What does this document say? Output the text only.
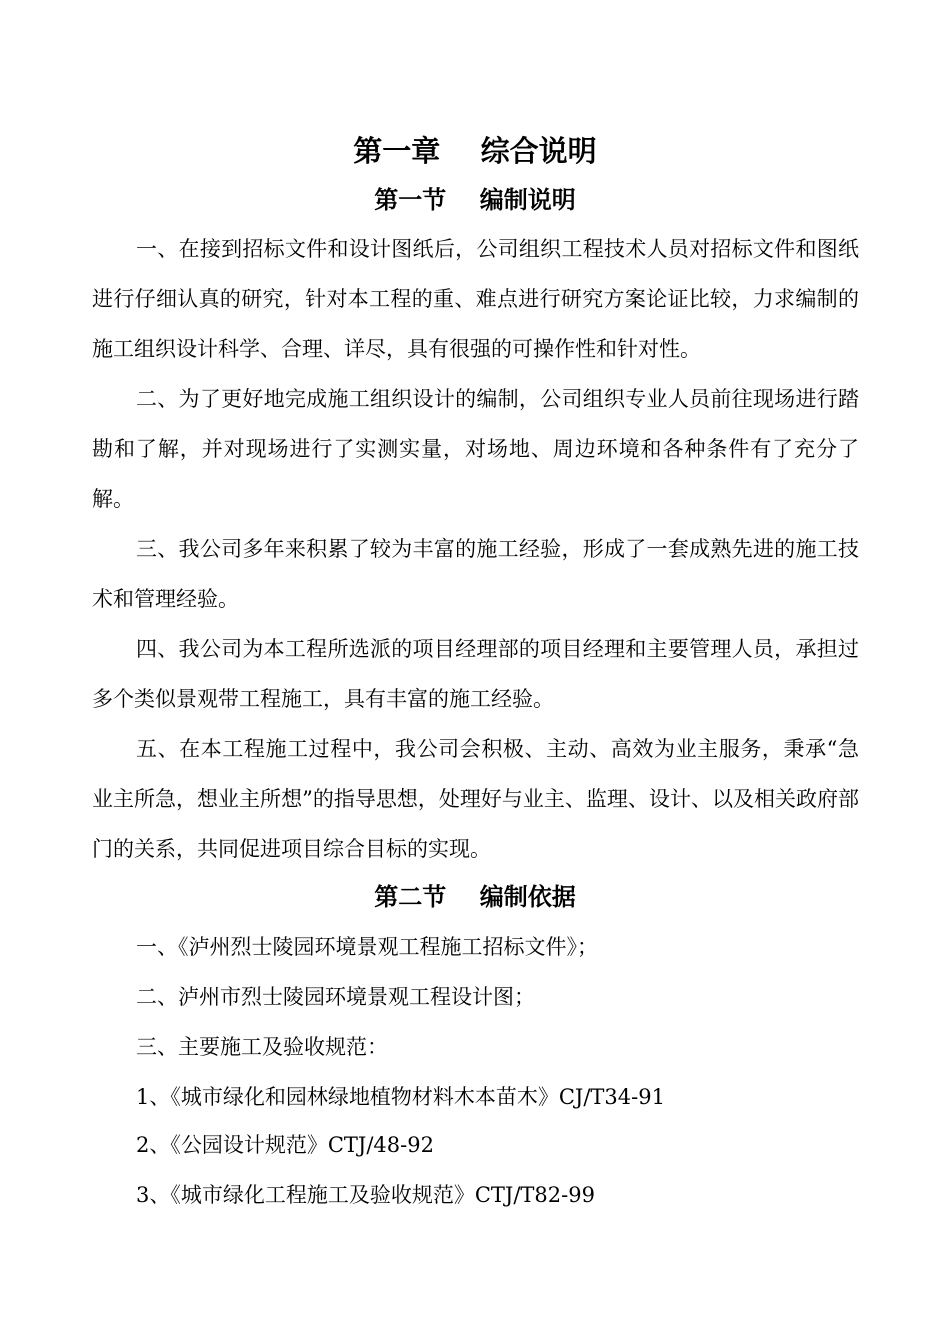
第一章    综合说明
第一节    编制说明

一、在接到招标文件和设计图纸后，公司组织工程技术人员对招标文件和图纸进行仔细认真的研究，针对本工程的重、难点进行研究方案论证比较，力求编制的施工组织设计科学、合理、详尽，具有很强的可操作性和针对性。

二、为了更好地完成施工组织设计的编制，公司组织专业人员前往现场进行踏勘和了解，并对现场进行了实测实量，对场地、周边环境和各种条件有了充分了解。

三、我公司多年来积累了较为丰富的施工经验，形成了一套成熟先进的施工技术和管理经验。

四、我公司为本工程所选派的项目经理部的项目经理和主要管理人员，承担过多个类似景观带工程施工，具有丰富的施工经验。

五、在本工程施工过程中，我公司会积极、主动、高效为业主服务，秉承“急业主所急，想业主所想”的指导思想，处理好与业主、监理、设计、以及相关政府部门的关系，共同促进项目综合目标的实现。

第二节    编制依据

一、《泸州烈士陵园环境景观工程施工招标文件》；

二、泸州市烈士陵园环境景观工程设计图；

三、主要施工及验收规范：

1、《城市绿化和园林绿地植物材料木本苗木》CJ/T34-91

2、《公园设计规范》CTJ/48-92

3、《城市绿化工程施工及验收规范》CTJ/T82-99
